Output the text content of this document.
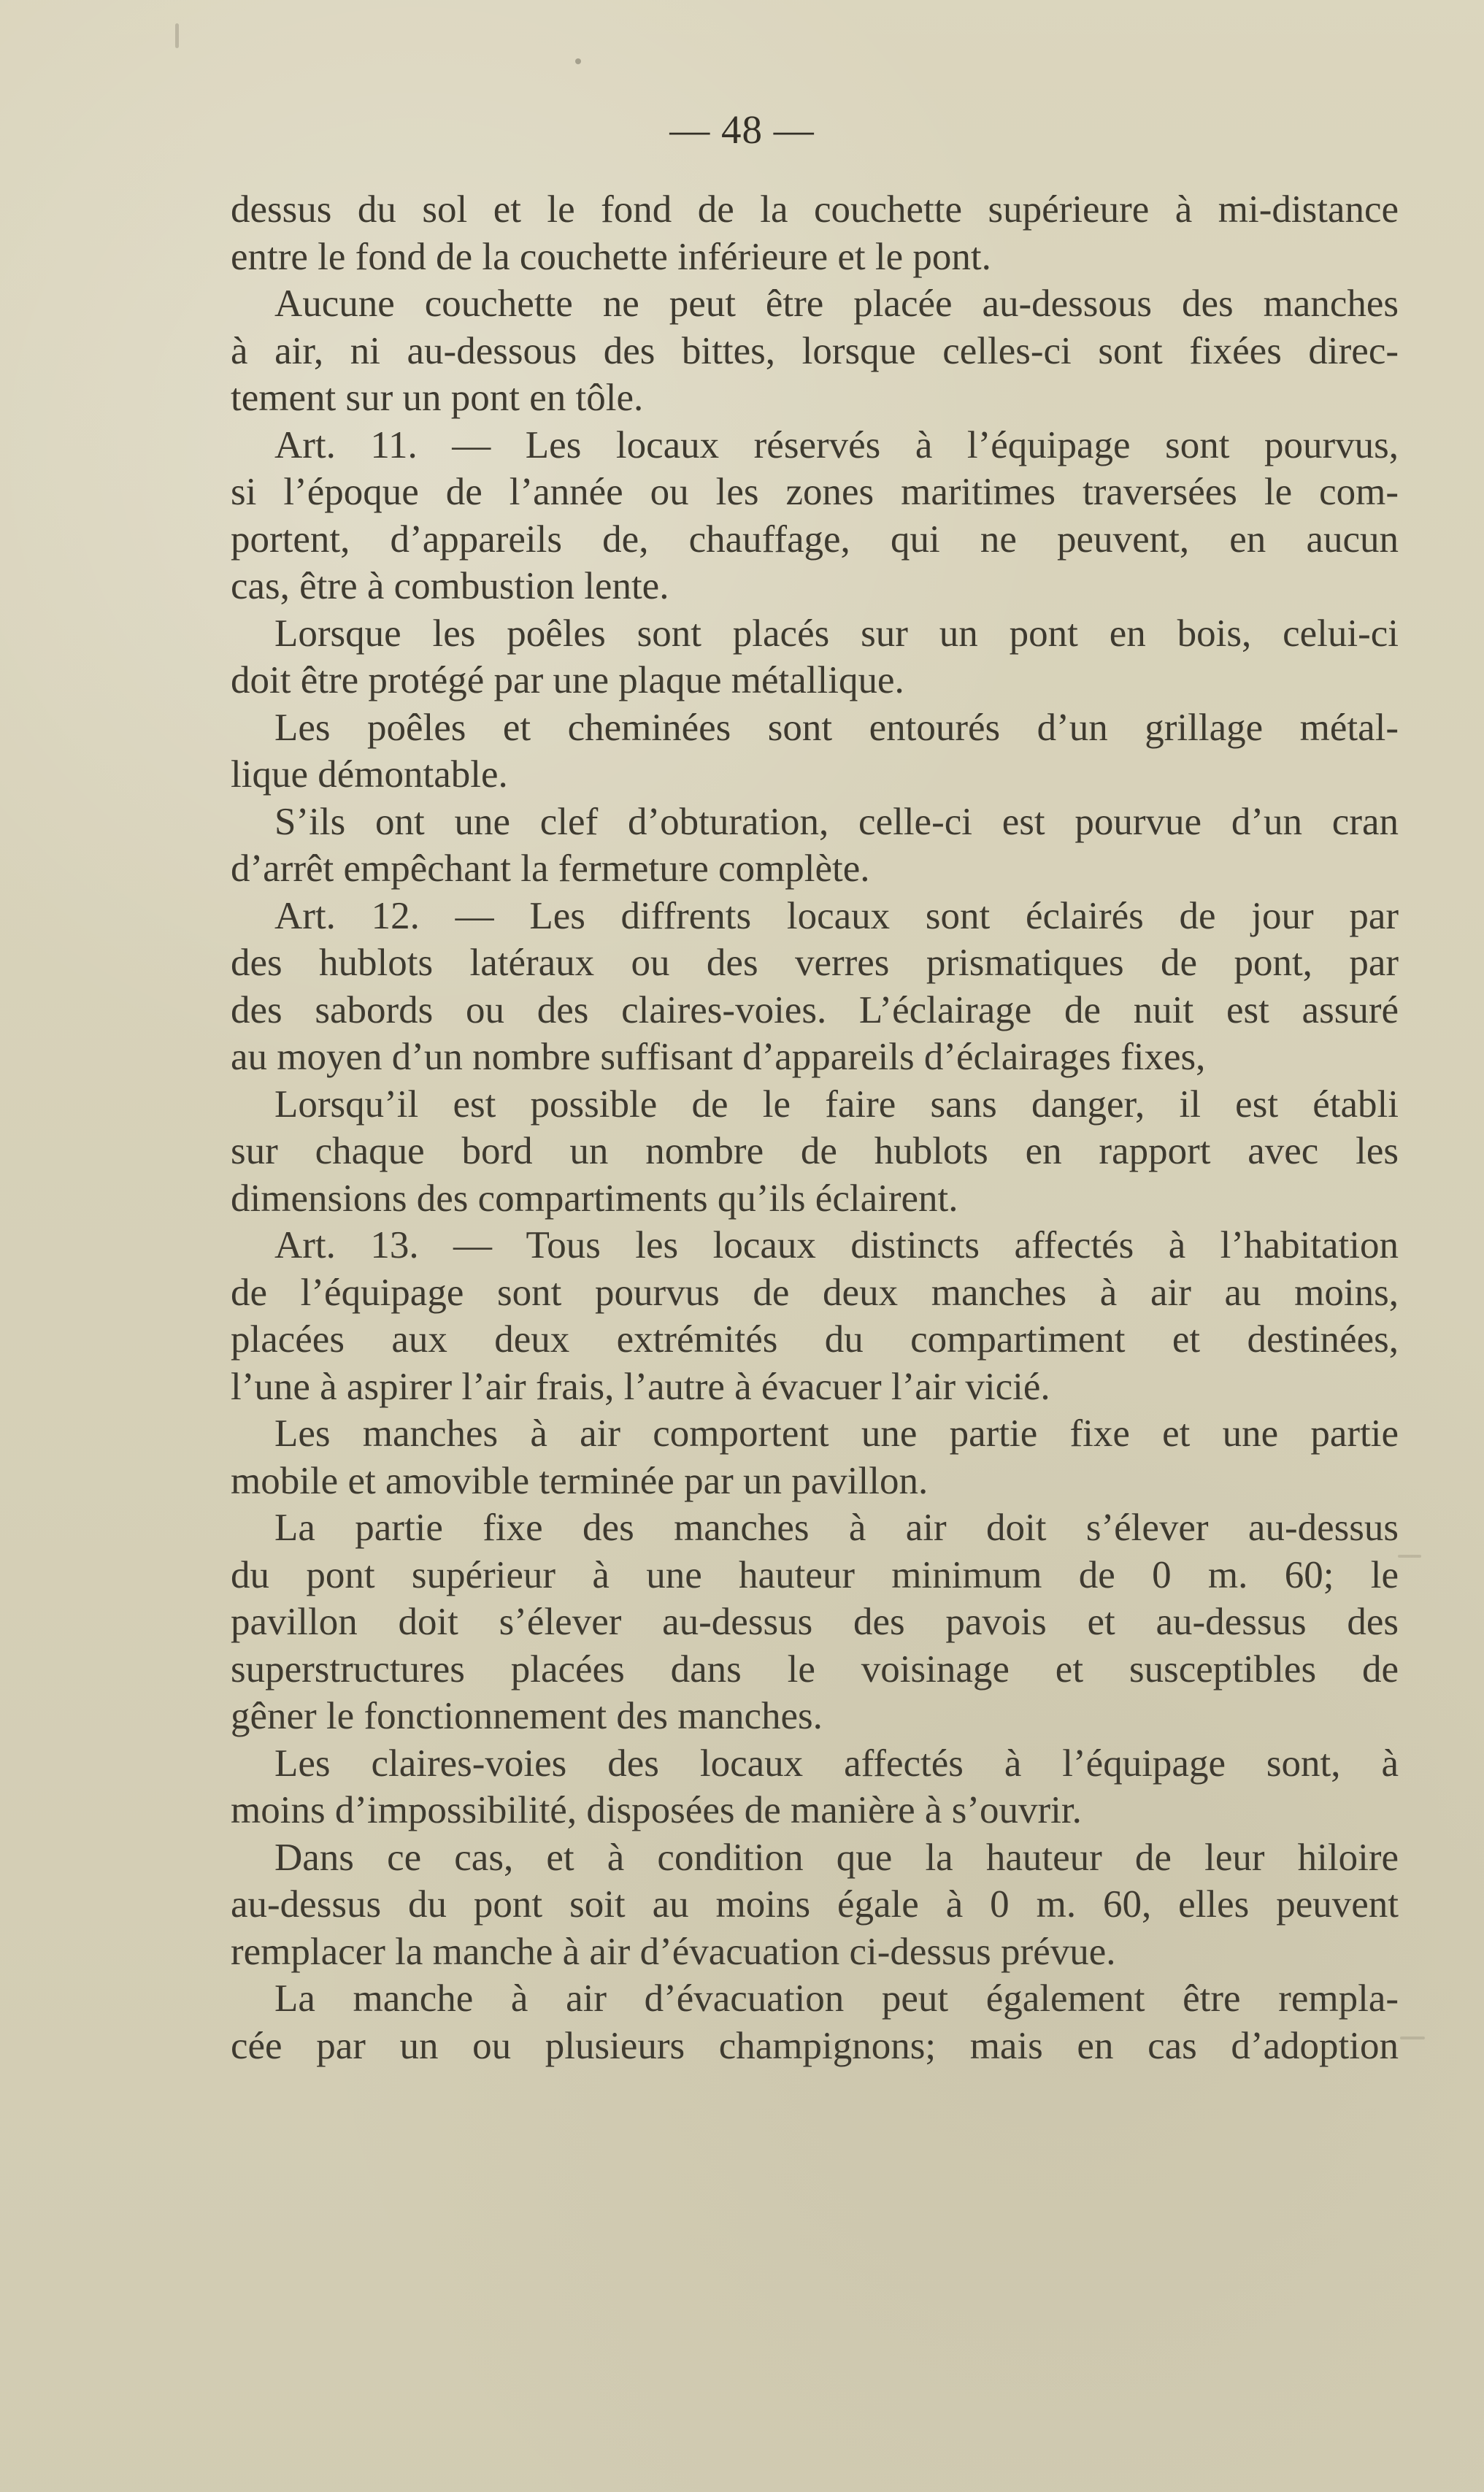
— 48 —
dessus du sol et le fond de la couchette supérieure à mi-distance
entre le fond de la couchette inférieure et le pont.
Aucune couchette ne peut être placée au-dessous des manches
à air, ni au-dessous des bittes, lorsque celles-ci sont fixées direc-
tement sur un pont en tôle.
Art. 11. — Les locaux réservés à l’équipage sont pourvus,
si l’époque de l’année ou les zones maritimes traversées le com-
portent, d’appareils de, chauffage, qui ne peuvent, en aucun
cas, être à combustion lente.
Lorsque les poêles sont placés sur un pont en bois, celui-ci
doit être protégé par une plaque métallique.
Les poêles et cheminées sont entourés d’un grillage métal-
lique démontable.
S’ils ont une clef d’obturation, celle-ci est pourvue d’un cran
d’arrêt empêchant la fermeture complète.
Art. 12. — Les diffrents locaux sont éclairés de jour par
des hublots latéraux ou des verres prismatiques de pont, par
des sabords ou des claires-voies. L’éclairage de nuit est assuré
au moyen d’un nombre suffisant d’appareils d’éclairages fixes,
Lorsqu’il est possible de le faire sans danger, il est établi
sur chaque bord un nombre de hublots en rapport avec les
dimensions des compartiments qu’ils éclairent.
Art. 13. — Tous les locaux distincts affectés à l’habitation
de l’équipage sont pourvus de deux manches à air au moins,
placées aux deux extrémités du compartiment et destinées,
l’une à aspirer l’air frais, l’autre à évacuer l’air vicié.
Les manches à air comportent une partie fixe et une partie
mobile et amovible terminée par un pavillon.
La partie fixe des manches à air doit s’élever au-dessus
du pont supérieur à une hauteur minimum de 0 m. 60; le
pavillon doit s’élever au-dessus des pavois et au-dessus des
superstructures placées dans le voisinage et susceptibles de
gêner le fonctionnement des manches.
Les claires-voies des locaux affectés à l’équipage sont, à
moins d’impossibilité, disposées de manière à s’ouvrir.
Dans ce cas, et à condition que la hauteur de leur hiloire
au-dessus du pont soit au moins égale à 0 m. 60, elles peuvent
remplacer la manche à air d’évacuation ci-dessus prévue.
La manche à air d’évacuation peut également être rempla-
cée par un ou plusieurs champignons; mais en cas d’adoption
